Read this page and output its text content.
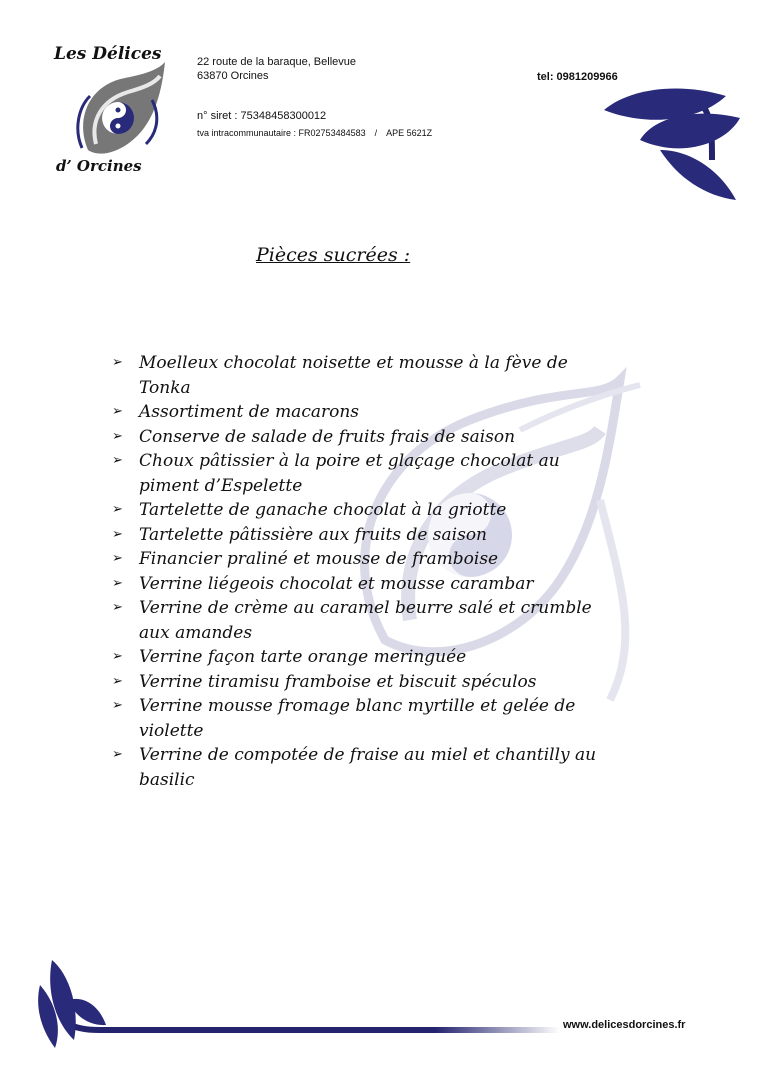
Les Délices
d’ Orcines
22 route de la baraque, Bellevue
63870 Orcines	tel: 0981209966
n° siret : 75348458300012
tva intracommunautaire : FR02753484583 / APE 5621Z
Pièces sucrées :
➢ Moelleux chocolat noisette et mousse à la fève de Tonka
➢ Assortiment de macarons
➢ Conserve de salade de fruits frais de saison
➢ Choux pâtissier à la poire et glaçage chocolat au piment d’Espelette
➢ Tartelette de ganache chocolat à la griotte
➢ Tartelette pâtissière aux fruits de saison
➢ Financier praliné et mousse de framboise
➢ Verrine liégeois chocolat et mousse carambar
➢ Verrine de crème au caramel beurre salé et crumble aux amandes
➢ Verrine façon tarte orange meringuée
➢ Verrine tiramisu framboise et biscuit spéculos
➢ Verrine mousse fromage blanc myrtille et gelée de violette
➢ Verrine de compotée de fraise au miel et chantilly au basilic
www.delicesdorcines.fr
